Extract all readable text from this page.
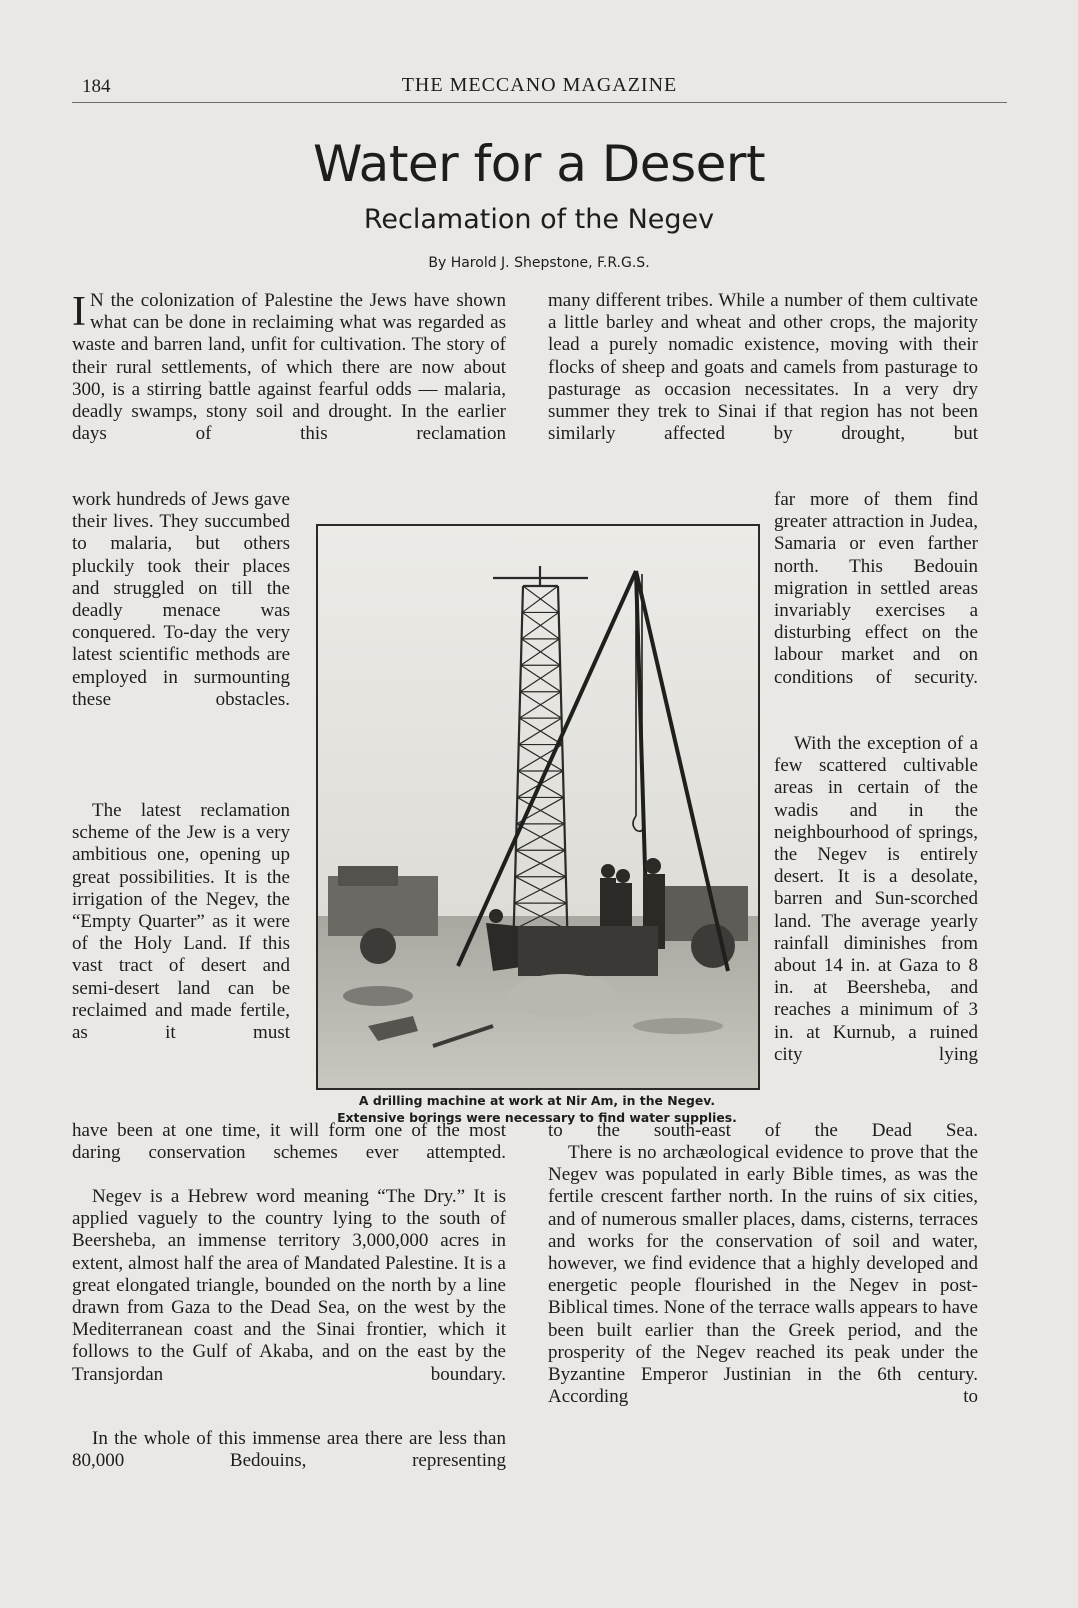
184	THE MECCANO MAGAZINE
Water for a Desert
Reclamation of the Negev
By Harold J. Shepstone, F.R.G.S.

I N the colonization of Palestine the Jews have shown what can be done in reclaiming what was regarded as waste and barren land, unfit for cultivation. The story of their rural settlements, of which there are now about 300, is a stirring battle against fearful odds — malaria, deadly swamps, stony soil and drought. In the earlier days of this reclamation

work hundreds of Jews gave their lives. They succumbed to malaria, but others pluckily took their places and struggled on till the deadly menace was conquered. To-day the very latest scientific methods are employed in surmounting these obstacles.

The latest reclamation scheme of the Jew is a very ambitious one, opening up great possibilities. It is the irrigation of the Negev, the “Empty Quarter” as it were of the Holy Land. If this vast tract of desert and semi-desert land can be reclaimed and made fertile, as it must

have been at one time, it will form one of the most daring conservation schemes ever attempted.

Negev is a Hebrew word meaning “The Dry.” It is applied vaguely to the country lying to the south of Beersheba, an immense territory 3,000,000 acres in extent, almost half the area of Mandated Palestine. It is a great elongated triangle, bounded on the north by a line drawn from Gaza to the Dead Sea, on the west by the Mediterranean coast and the Sinai frontier, which it follows to the Gulf of Akaba, and on the east by the Transjordan boundary.

In the whole of this immense area there are less than 80,000 Bedouins, representing

many different tribes. While a number of them cultivate a little barley and wheat and other crops, the majority lead a purely nomadic existence, moving with their flocks of sheep and goats and camels from pasturage to pasturage as occasion necessitates. In a very dry summer they trek to Sinai if that region has not been similarly affected by drought, but

far more of them find greater attraction in Judea, Samaria or even farther north. This Bedouin migration in settled areas invariably exercises a disturbing effect on the labour market and on conditions of security.

With the exception of a few scattered cultivable areas in certain of the wadis and in the neighbourhood of springs, the Negev is entirely desert. It is a desolate, barren and Sun-scorched land. The average yearly rainfall diminishes from about 14 in. at Gaza to 8 in. at Beersheba, and reaches a minimum of 3 in. at Kurnub, a ruined city lying

to the south-east of the Dead Sea.

There is no archæological evidence to prove that the Negev was populated in early Bible times, as was the fertile crescent farther north. In the ruins of six cities, and of numerous smaller places, dams, cisterns, terraces and works for the conservation of soil and water, however, we find evidence that a highly developed and energetic people flourished in the Negev in post-Biblical times. None of the terrace walls appears to have been built earlier than the Greek period, and the prosperity of the Negev reached its peak under the Byzantine Emperor Justinian in the 6th century. According to

A drilling machine at work at Nir Am, in the Negev.
Extensive borings were necessary to find water supplies.
